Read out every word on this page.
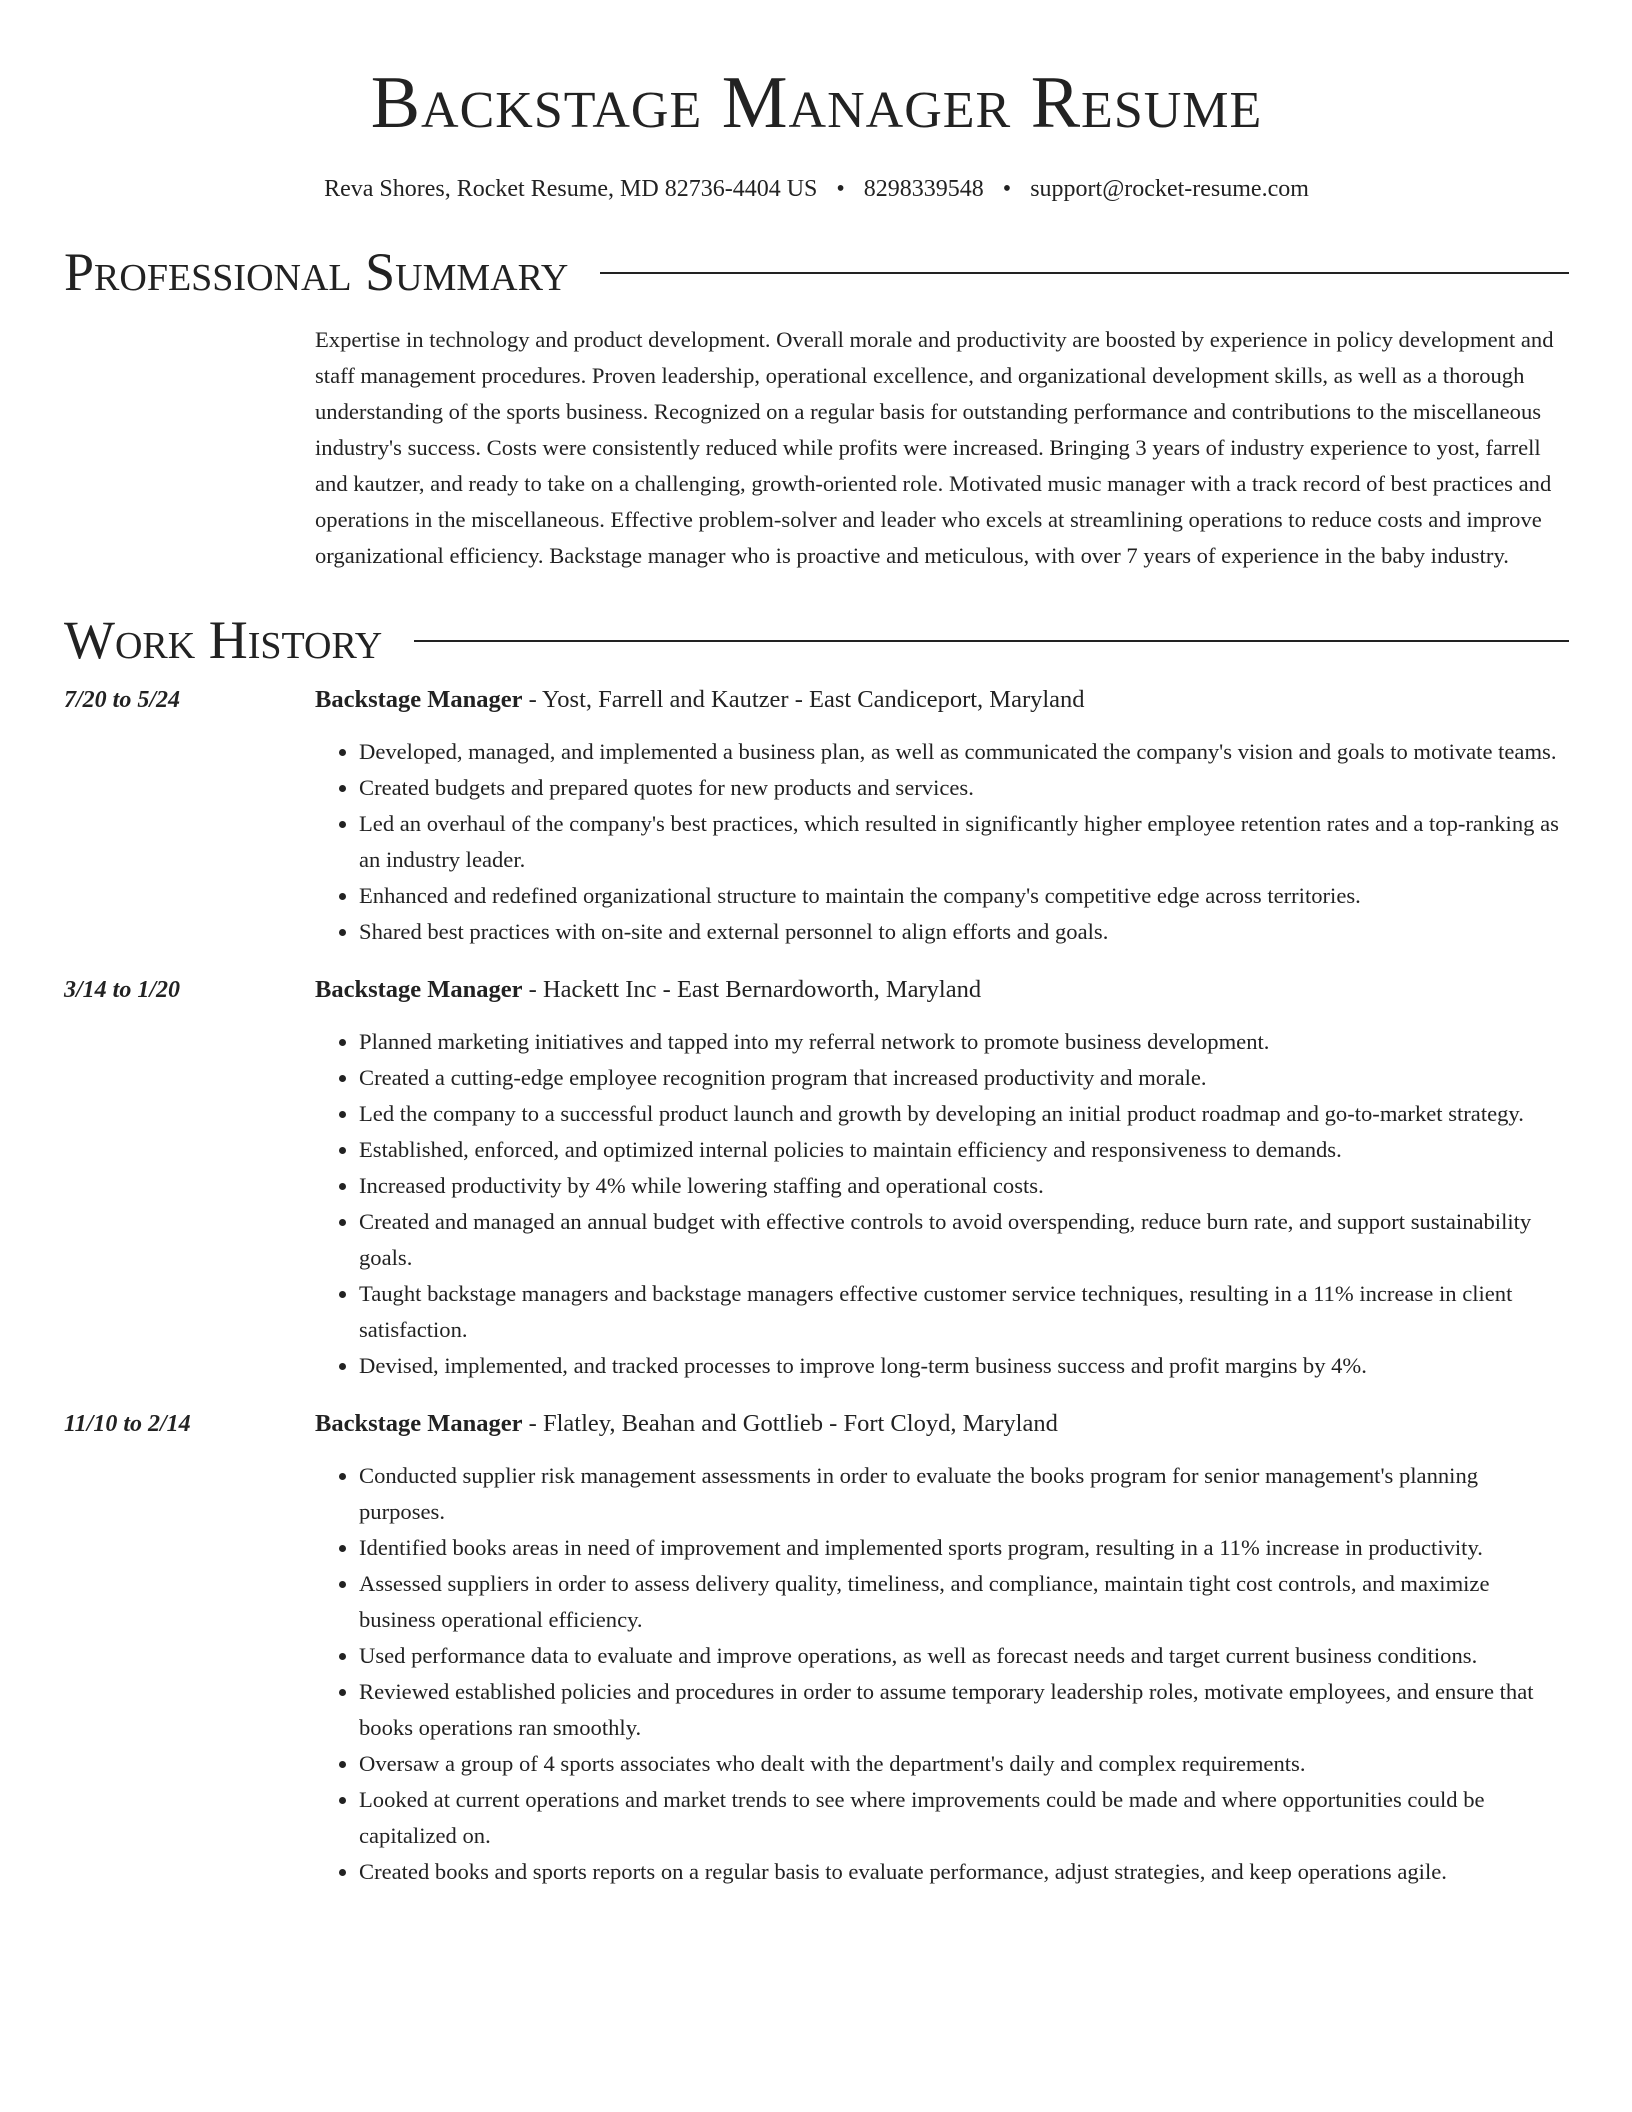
Backstage Manager Resume
Reva Shores, Rocket Resume, MD 82736-4404 US • 8298339548 • support@rocket-resume.com
Professional Summary
Expertise in technology and product development. Overall morale and productivity are boosted by experience in policy development and staff management procedures. Proven leadership, operational excellence, and organizational development skills, as well as a thorough understanding of the sports business. Recognized on a regular basis for outstanding performance and contributions to the miscellaneous industry's success. Costs were consistently reduced while profits were increased. Bringing 3 years of industry experience to yost, farrell and kautzer, and ready to take on a challenging, growth-oriented role. Motivated music manager with a track record of best practices and operations in the miscellaneous. Effective problem-solver and leader who excels at streamlining operations to reduce costs and improve organizational efficiency. Backstage manager who is proactive and meticulous, with over 7 years of experience in the baby industry.
Work History
7/20 to 5/24	Backstage Manager - Yost, Farrell and Kautzer - East Candiceport, Maryland
• Developed, managed, and implemented a business plan, as well as communicated the company's vision and goals to motivate teams.
• Created budgets and prepared quotes for new products and services.
• Led an overhaul of the company's best practices, which resulted in significantly higher employee retention rates and a top-ranking as an industry leader.
• Enhanced and redefined organizational structure to maintain the company's competitive edge across territories.
• Shared best practices with on-site and external personnel to align efforts and goals.
3/14 to 1/20	Backstage Manager - Hackett Inc - East Bernardoworth, Maryland
• Planned marketing initiatives and tapped into my referral network to promote business development.
• Created a cutting-edge employee recognition program that increased productivity and morale.
• Led the company to a successful product launch and growth by developing an initial product roadmap and go-to-market strategy.
• Established, enforced, and optimized internal policies to maintain efficiency and responsiveness to demands.
• Increased productivity by 4% while lowering staffing and operational costs.
• Created and managed an annual budget with effective controls to avoid overspending, reduce burn rate, and support sustainability goals.
• Taught backstage managers and backstage managers effective customer service techniques, resulting in a 11% increase in client satisfaction.
• Devised, implemented, and tracked processes to improve long-term business success and profit margins by 4%.
11/10 to 2/14	Backstage Manager - Flatley, Beahan and Gottlieb - Fort Cloyd, Maryland
• Conducted supplier risk management assessments in order to evaluate the books program for senior management's planning purposes.
• Identified books areas in need of improvement and implemented sports program, resulting in a 11% increase in productivity.
• Assessed suppliers in order to assess delivery quality, timeliness, and compliance, maintain tight cost controls, and maximize business operational efficiency.
• Used performance data to evaluate and improve operations, as well as forecast needs and target current business conditions.
• Reviewed established policies and procedures in order to assume temporary leadership roles, motivate employees, and ensure that books operations ran smoothly.
• Oversaw a group of 4 sports associates who dealt with the department's daily and complex requirements.
• Looked at current operations and market trends to see where improvements could be made and where opportunities could be capitalized on.
• Created books and sports reports on a regular basis to evaluate performance, adjust strategies, and keep operations agile.
